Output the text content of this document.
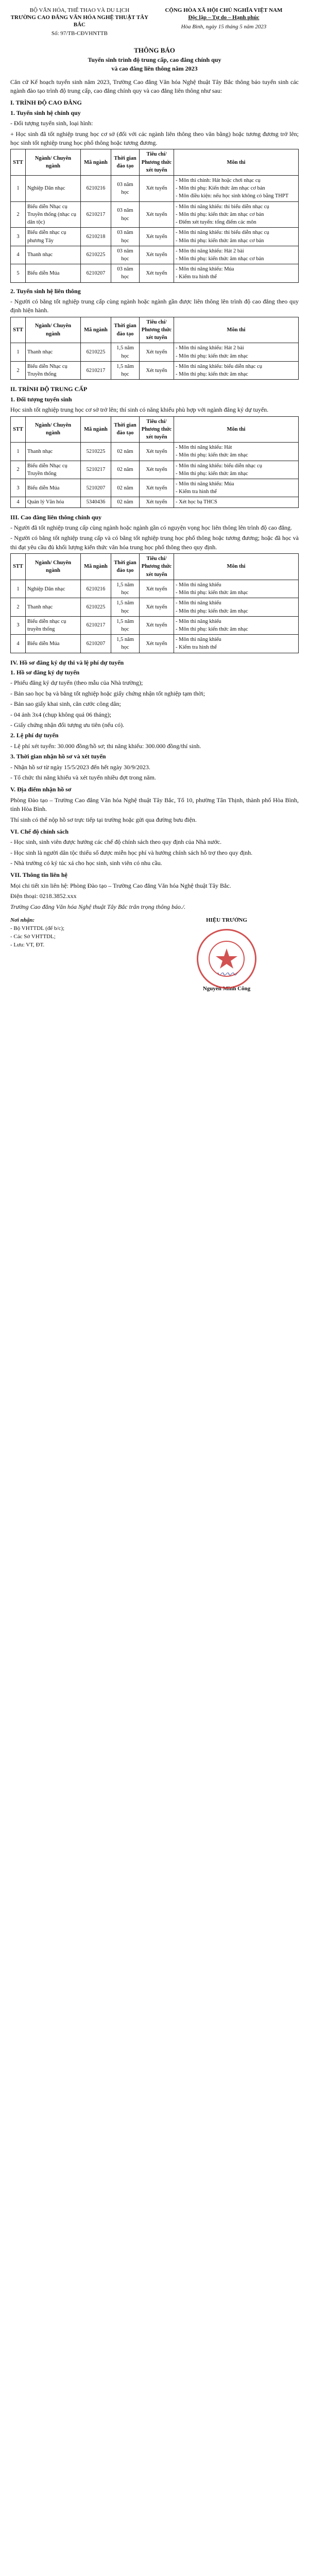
BỘ VĂN HÓA, THỂ THAO VÀ DU LỊCH
TRƯỜNG CAO ĐẲNG VĂN HÓA NGHỆ THUẬT TÂY BẮC
Số: 97/TB-CĐVHNTTB
CỘNG HÒA XÃ HỘI CHỦ NGHĨA VIỆT NAM
Độc lập – Tự do – Hạnh phúc
Hòa Bình, ngày 15 tháng 5 năm 2023
THÔNG BÁO
Tuyển sinh trình độ trung cấp, cao đẳng chính quy
và cao đẳng liên thông năm 2023

Căn cứ Kế hoạch tuyển sinh năm 2023, Trường Cao đẳng Văn hóa Nghệ thuật Tây Bắc thông báo tuyển sinh các ngành đào tạo trình độ trung cấp, cao đẳng chính quy và cao đẳng liên thông như sau:

I. TRÌNH ĐỘ CAO ĐẲNG
1. Tuyển sinh hệ chính quy

- Đối tượng tuyển sinh, loại hình:

+ Học sinh đã tốt nghiệp trung học cơ sở (đối với các ngành liên thông theo văn bằng) hoặc tương đương trở lên; học sinh tốt nghiệp trung học phổ thông hoặc tương đương.

STT	Ngành/ Chuyên ngành	Mã ngành	Thời gian đào tạo	Tiêu chí/ Phương thức xét tuyển	Môn thi
1	Nghiệp Dân nhạc	6210216	03 năm học	Xét tuyển	- Môn thi chính: Hát hoặc chơi nhạc cụ
- Môn thi phụ: Kiến thức âm nhạc cơ bản
- Môn điều kiện: nếu học sinh không có bằng THPT

2	Biểu diễn Nhạc cụ Truyền thống (nhạc cụ dân tộc)	6210217	03 năm học	Xét tuyển	- Môn thi năng khiếu: thi biểu diễn nhạc cụ
- Môn thi phụ: kiến thức âm nhạc cơ bản
- Điểm xét tuyển: tổng điểm các môn

3	Biểu diễn nhạc cụ phương Tây	6210218	03 năm học	Xét tuyển	- Môn thi năng khiếu: thi biểu diễn nhạc cụ
- Môn thi phụ: kiến thức âm nhạc cơ bản

4	Thanh nhạc	6210225	03 năm học	Xét tuyển	- Môn thi năng khiếu: Hát 2 bài
- Môn thi phụ: kiến thức âm nhạc cơ bản

5	Biểu diễn Múa	6210207	03 năm học	Xét tuyển	- Môn thi năng khiếu: Múa
- Kiểm tra hình thể
2. Tuyển sinh hệ liên thông

- Người có bằng tốt nghiệp trung cấp cùng ngành hoặc ngành gần được liên thông lên trình độ cao đẳng theo quy định hiện hành.

STT	Ngành/ Chuyên ngành	Mã ngành	Thời gian đào tạo	Tiêu chí/ Phương thức xét tuyển	Môn thi
1	Thanh nhạc	6210225	1,5 năm học	Xét tuyển	- Môn thi năng khiếu: Hát 2 bài
- Môn thi phụ: kiến thức âm nhạc

2	Biểu diễn Nhạc cụ Truyền thống	6210217	1,5 năm học	Xét tuyển	- Môn thi năng khiếu: biểu diễn nhạc cụ
- Môn thi phụ: kiến thức âm nhạc
II. TRÌNH ĐỘ TRUNG CẤP
1. Đối tượng tuyển sinh

Học sinh tốt nghiệp trung học cơ sở trở lên; thí sinh có năng khiếu phù hợp với ngành đăng ký dự tuyển.

STT	Ngành/ Chuyên ngành	Mã ngành	Thời gian đào tạo	Tiêu chí/ Phương thức xét tuyển	Môn thi
1	Thanh nhạc	5210225	02 năm	Xét tuyển	- Môn thi năng khiếu: Hát
- Môn thi phụ: kiến thức âm nhạc

2	Biểu diễn Nhạc cụ Truyền thống	5210217	02 năm	Xét tuyển	- Môn thi năng khiếu: biểu diễn nhạc cụ
- Môn thi phụ: kiến thức âm nhạc

3	Biểu diễn Múa	5210207	02 năm	Xét tuyển	- Môn thi năng khiếu: Múa
- Kiểm tra hình thể

4	Quản lý Văn hóa	5340436	02 năm	Xét tuyển	- Xét học bạ THCS
III. Cao đẳng liên thông chính quy

- Người đã tốt nghiệp trung cấp cùng ngành hoặc ngành gần có nguyện vọng học liên thông lên trình độ cao đẳng.

- Người có bằng tốt nghiệp trung cấp và có bằng tốt nghiệp trung học phổ thông hoặc tương đương; hoặc đã học và thi đạt yêu cầu đủ khối lượng kiến thức văn hóa trung học phổ thông theo quy định.

STT	Ngành/ Chuyên ngành	Mã ngành	Thời gian đào tạo	Tiêu chí/ Phương thức xét tuyển	Môn thi
1	Nghiệp Dân nhạc	6210216	1,5 năm học	Xét tuyển	- Môn thi năng khiếu
- Môn thi phụ: kiến thức âm nhạc

2	Thanh nhạc	6210225	1,5 năm học	Xét tuyển	- Môn thi năng khiếu
- Môn thi phụ: kiến thức âm nhạc

3	Biểu diễn nhạc cụ truyền thống	6210217	1,5 năm học	Xét tuyển	- Môn thi năng khiếu
- Môn thi phụ: kiến thức âm nhạc

4	Biểu diễn Múa	6210207	1,5 năm học	Xét tuyển	- Môn thi năng khiếu
- Kiểm tra hình thể
IV. Hồ sơ đăng ký dự thi và lệ phí dự tuyển
1. Hồ sơ đăng ký dự tuyển

- Phiếu đăng ký dự tuyển (theo mẫu của Nhà trường);

- Bản sao học bạ và bằng tốt nghiệp hoặc giấy chứng nhận tốt nghiệp tạm thời;

- Bản sao giấy khai sinh, căn cước công dân;

- 04 ảnh 3x4 (chụp không quá 06 tháng);

- Giấy chứng nhận đối tượng ưu tiên (nếu có).

2. Lệ phí dự tuyển

- Lệ phí xét tuyển: 30.000 đồng/hồ sơ; thi năng khiếu: 300.000 đồng/thí sinh.

3. Thời gian nhận hồ sơ và xét tuyển

- Nhận hồ sơ từ ngày 15/5/2023 đến hết ngày 30/9/2023.

- Tổ chức thi năng khiếu và xét tuyển nhiều đợt trong năm.

V. Địa điểm nhận hồ sơ

Phòng Đào tạo – Trường Cao đẳng Văn hóa Nghệ thuật Tây Bắc, Tổ 10, phường Tân Thịnh, thành phố Hòa Bình, tỉnh Hòa Bình.

Thí sinh có thể nộp hồ sơ trực tiếp tại trường hoặc gửi qua đường bưu điện.

VI. Chế độ chính sách

- Học sinh, sinh viên được hưởng các chế độ chính sách theo quy định của Nhà nước.

- Học sinh là người dân tộc thiểu số được miễn học phí và hưởng chính sách hỗ trợ theo quy định.

- Nhà trường có ký túc xá cho học sinh, sinh viên có nhu cầu.

VII. Thông tin liên hệ

Mọi chi tiết xin liên hệ: Phòng Đào tạo – Trường Cao đẳng Văn hóa Nghệ thuật Tây Bắc.

Điện thoại: 0218.3852.xxx

Trường Cao đẳng Văn hóa Nghệ thuật Tây Bắc trân trọng thông báo./.

Nơi nhận:
- Bộ VHTTDL (để b/c);
- Các Sở VHTTDL;
- Lưu: VT, ĐT.
HIỆU TRƯỞNG
〰︎〰︎
Nguyễn Minh Công
